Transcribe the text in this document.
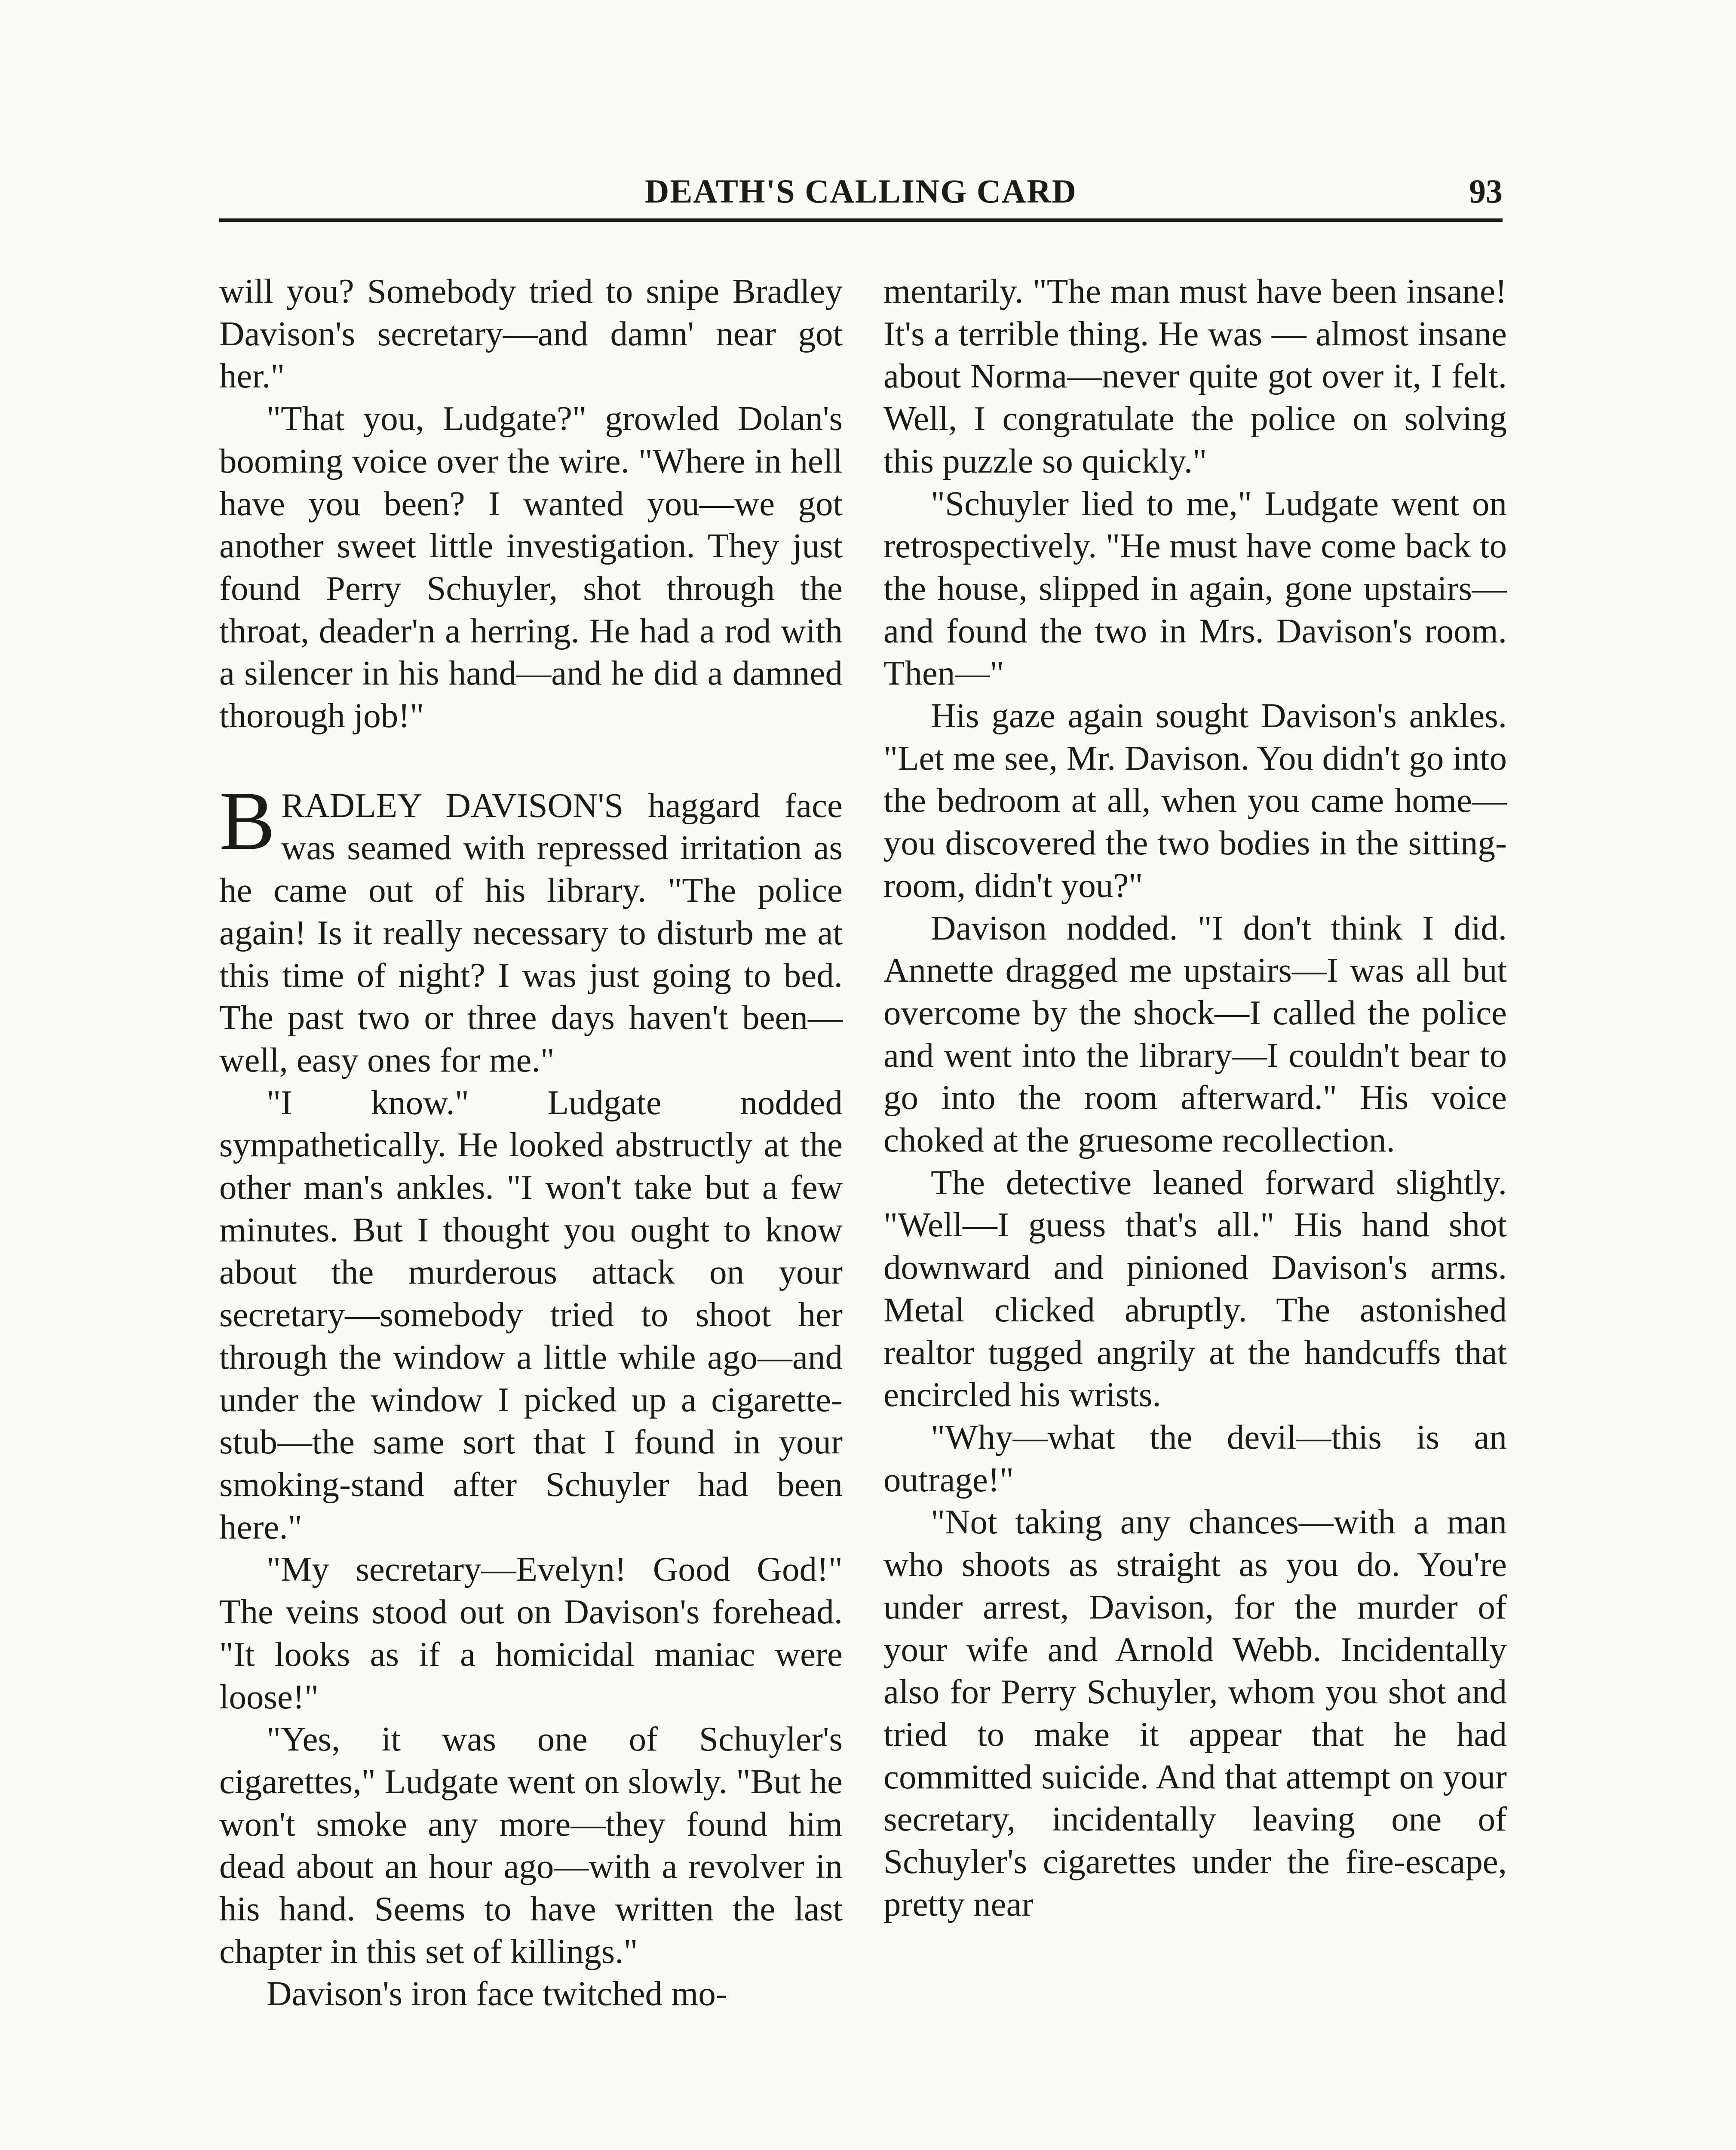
DEATH'S CALLING CARD	93

will you? Somebody tried to snipe Bradley Davison's secretary—and damn' near got her."

"That you, Ludgate?" growled Dolan's booming voice over the wire. "Where in hell have you been? I wanted you—we got another sweet little investigation. They just found Perry Schuyler, shot through the throat, deader'n a herring. He had a rod with a silencer in his hand—and he did a damned thorough job!"

BRADLEY DAVISON'S haggard face was seamed with repressed irritation as he came out of his library. "The police again! Is it really necessary to disturb me at this time of night? I was just going to bed. The past two or three days haven't been—well, easy ones for me."

"I know." Ludgate nodded sympathetically. He looked abstructly at the other man's ankles. "I won't take but a few minutes. But I thought you ought to know about the murderous attack on your secretary—somebody tried to shoot her through the window a little while ago—and under the window I picked up a cigarette-stub—the same sort that I found in your smoking-stand after Schuyler had been here."

"My secretary—Evelyn! Good God!" The veins stood out on Davison's forehead. "It looks as if a homicidal maniac were loose!"

"Yes, it was one of Schuyler's cigarettes," Ludgate went on slowly. "But he won't smoke any more—they found him dead about an hour ago—with a revolver in his hand. Seems to have written the last chapter in this set of killings."

Davison's iron face twitched mo-

mentarily. "The man must have been insane! It's a terrible thing. He was — almost insane about Norma—never quite got over it, I felt. Well, I congratulate the police on solving this puzzle so quickly."

"Schuyler lied to me," Ludgate went on retrospectively. "He must have come back to the house, slipped in again, gone upstairs—and found the two in Mrs. Davison's room. Then—"

His gaze again sought Davison's ankles. "Let me see, Mr. Davison. You didn't go into the bedroom at all, when you came home—you discovered the two bodies in the sitting-room, didn't you?"

Davison nodded. "I don't think I did. Annette dragged me upstairs—I was all but overcome by the shock—I called the police and went into the library—I couldn't bear to go into the room afterward." His voice choked at the gruesome recollection.

The detective leaned forward slightly. "Well—I guess that's all." His hand shot downward and pinioned Davison's arms. Metal clicked abruptly. The astonished realtor tugged angrily at the handcuffs that encircled his wrists.

"Why—what the devil—this is an outrage!"

"Not taking any chances—with a man who shoots as straight as you do. You're under arrest, Davison, for the murder of your wife and Arnold Webb. Incidentally also for Perry Schuyler, whom you shot and tried to make it appear that he had committed suicide. And that attempt on your secretary, incidentally leaving one of Schuyler's cigarettes under the fire-escape, pretty near
